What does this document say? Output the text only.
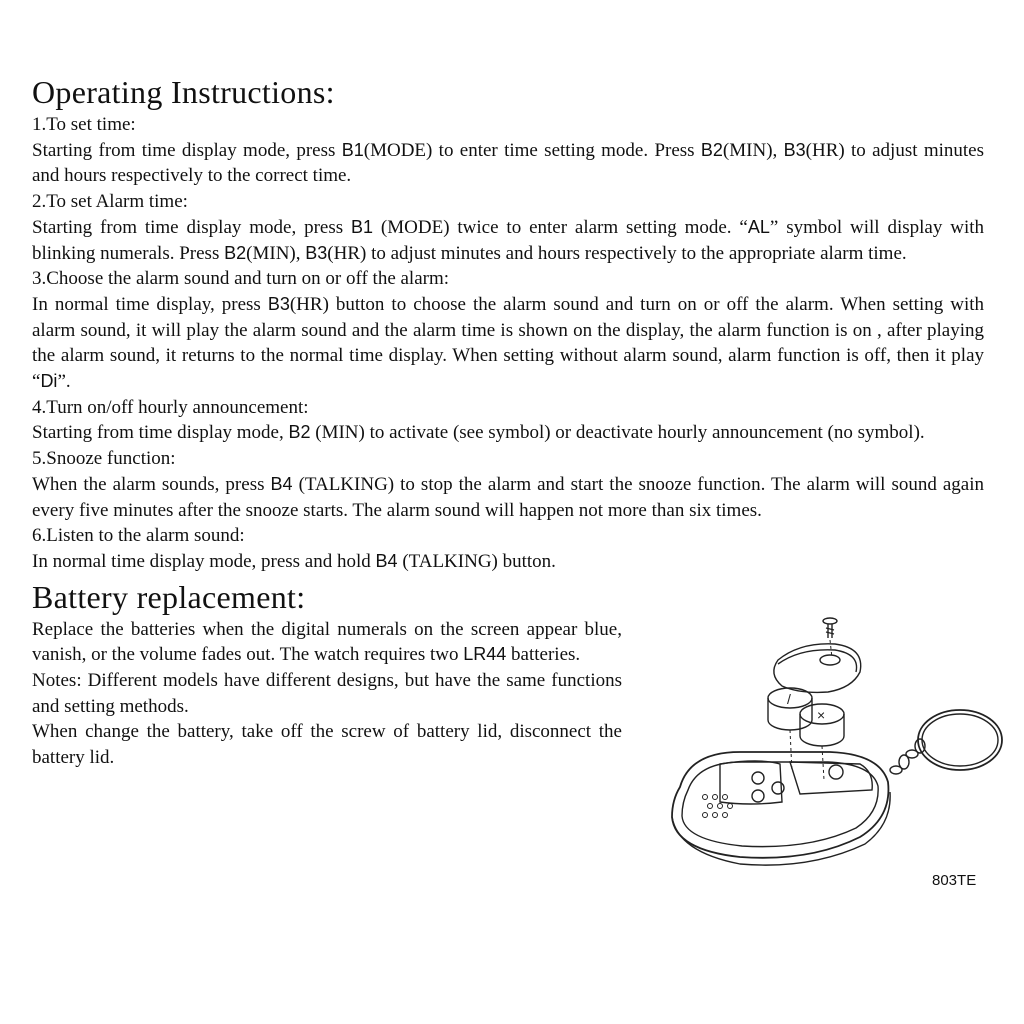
Operating Instructions:
1.To set time:

Starting from time display mode, press B1(MODE) to enter time setting mode. Press B2(MIN), B3(HR) to adjust minutes and hours respectively to the correct time.

2.To set Alarm time:

Starting from time display mode, press B1 (MODE) twice to enter alarm setting mode. “AL” symbol will display with blinking numerals. Press B2(MIN), B3(HR) to adjust minutes and hours respectively to the appropriate alarm time.

3.Choose the alarm sound and turn on or off the alarm:

In normal time display, press B3(HR) button to choose the alarm sound and turn on or off the alarm. When setting with alarm sound, it will play the alarm sound and the alarm time is shown on the display, the alarm function is on , after playing the alarm sound, it returns to the normal time display. When setting without alarm sound, alarm function is off, then it play “Di”.

4.Turn on/off hourly announcement:

Starting from time display mode, B2 (MIN) to activate (see symbol) or deactivate hourly announcement (no symbol).

5.Snooze function:

When the alarm sounds, press B4 (TALKING) to stop the alarm and start the snooze function. The alarm will sound again every five minutes after the snooze starts. The alarm sound will happen not more than six times.

6.Listen to the alarm sound:

In normal time display mode, press and hold B4 (TALKING) button.

Battery replacement:

Replace the batteries when the digital numerals on the screen appear blue, vanish, or the volume fades out. The watch requires two LR44 batteries.

Notes: Different models have different designs, but have the same functions and setting methods.

When change the battery, take off the screw of battery lid, disconnect the battery lid.

/
×
803TE
